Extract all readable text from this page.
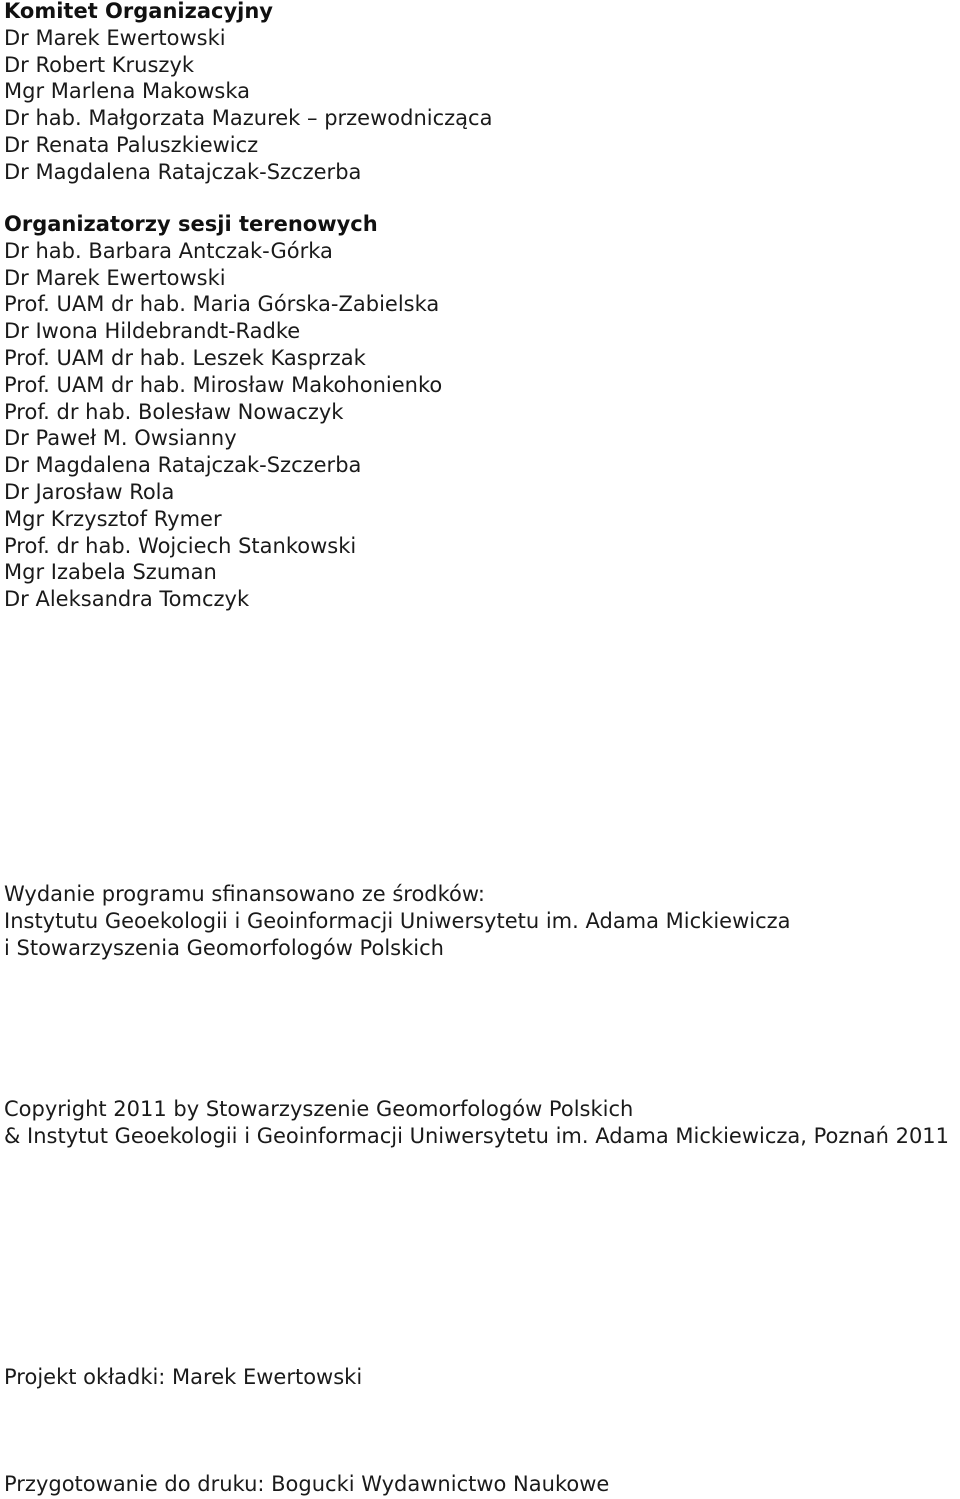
Komitet Organizacyjny
Dr Marek Ewertowski
Dr Robert Kruszyk
Mgr Marlena Makowska
Dr hab. Małgorzata Mazurek – przewodnicząca
Dr Renata Paluszkiewicz
Dr Magdalena Ratajczak-Szczerba
Organizatorzy sesji terenowych
Dr hab. Barbara Antczak-Górka
Dr Marek Ewertowski
Prof. UAM dr hab. Maria Górska-Zabielska
Dr Iwona Hildebrandt-Radke
Prof. UAM dr hab. Leszek Kasprzak
Prof. UAM dr hab. Mirosław Makohonienko
Prof. dr hab. Bolesław Nowaczyk
Dr Paweł M. Owsianny
Dr Magdalena Ratajczak-Szczerba
Dr Jarosław Rola
Mgr Krzysztof Rymer
Prof. dr hab. Wojciech Stankowski
Mgr Izabela Szuman
Dr Aleksandra Tomczyk
Wydanie programu sfinansowano ze środków:
Instytutu Geoekologii i Geoinformacji Uniwersytetu im. Adama Mickiewicza
i Stowarzyszenia Geomorfologów Polskich
Copyright 2011 by Stowarzyszenie Geomorfologów Polskich
& Instytut Geoekologii i Geoinformacji Uniwersytetu im. Adama Mickiewicza, Poznań 2011
Projekt okładki: Marek Ewertowski
Przygotowanie do druku: Bogucki Wydawnictwo Naukowe
